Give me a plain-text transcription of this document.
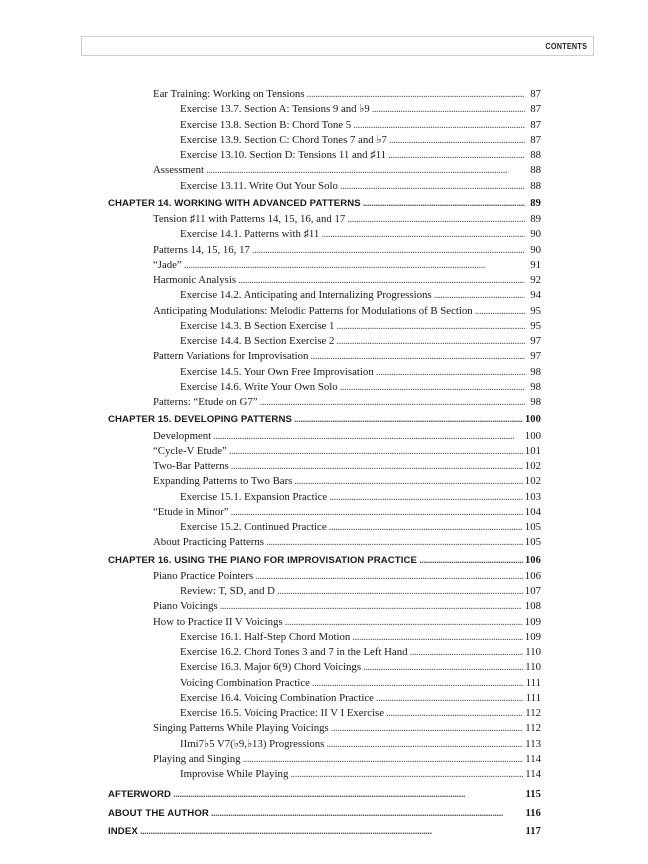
CONTENTS
Ear Training: Working on Tensions . . .	87
Exercise 13.7. Section A: Tensions 9 and ♭9 . . .	87
Exercise 13.8. Section B: Chord Tone 5 . . .	87
Exercise 13.9. Section C: Chord Tones 7 and ♭7 . . .	87
Exercise 13.10. Section D: Tensions 11 and ♯11 . . .	88
Assessment . . .	88
Exercise 13.11. Write Out Your Solo . . .	88
CHAPTER 14. WORKING WITH ADVANCED PATTERNS . . .	89
Tension ♯11 with Patterns 14, 15, 16, and 17 . . .	89
Exercise 14.1. Patterns with ♯11 . . .	90
Patterns 14, 15, 16, 17 . . .	90
“Jade” . . .	91
Harmonic Analysis . . .	92
Exercise 14.2. Anticipating and Internalizing Progressions . . .	94
Anticipating Modulations: Melodic Patterns for Modulations of B Section . . .	95
Exercise 14.3. B Section Exercise 1 . . .	95
Exercise 14.4. B Section Exercise 2 . . .	97
Pattern Variations for Improvisation . . .	97
Exercise 14.5. Your Own Free Improvisation . . .	98
Exercise 14.6. Write Your Own Solo . . .	98
Patterns: “Etude on G7” . . .	98
CHAPTER 15. DEVELOPING PATTERNS . . .	100
Development . . .	100
“Cycle-V Etude” . . .	101
Two-Bar Patterns . . .	102
Expanding Patterns to Two Bars . . .	102
Exercise 15.1. Expansion Practice . . .	103
“Etude in Minor” . . .	104
Exercise 15.2. Continued Practice . . .	105
About Practicing Patterns . . .	105
CHAPTER 16. USING THE PIANO FOR IMPROVISATION PRACTICE . . .	106
Piano Practice Pointers . . .	106
Review: T, SD, and D . . .	107
Piano Voicings . . .	108
How to Practice II V Voicings . . .	109
Exercise 16.1. Half-Step Chord Motion . . .	109
Exercise 16.2. Chord Tones 3 and 7 in the Left Hand . . .	110
Exercise 16.3. Major 6(9) Chord Voicings . . .	110
Voicing Combination Practice . . .	111
Exercise 16.4. Voicing Combination Practice . . .	111
Exercise 16.5. Voicing Practice: II V I Exercise . . .	112
Singing Patterns While Playing Voicings . . .	112
IImi7♭5 V7(♭9,♭13) Progressions . . .	113
Playing and Singing . . .	114
Improvise While Playing . . .	114
AFTERWORD . . .	115
ABOUT THE AUTHOR . . .	116
INDEX . . .	117
